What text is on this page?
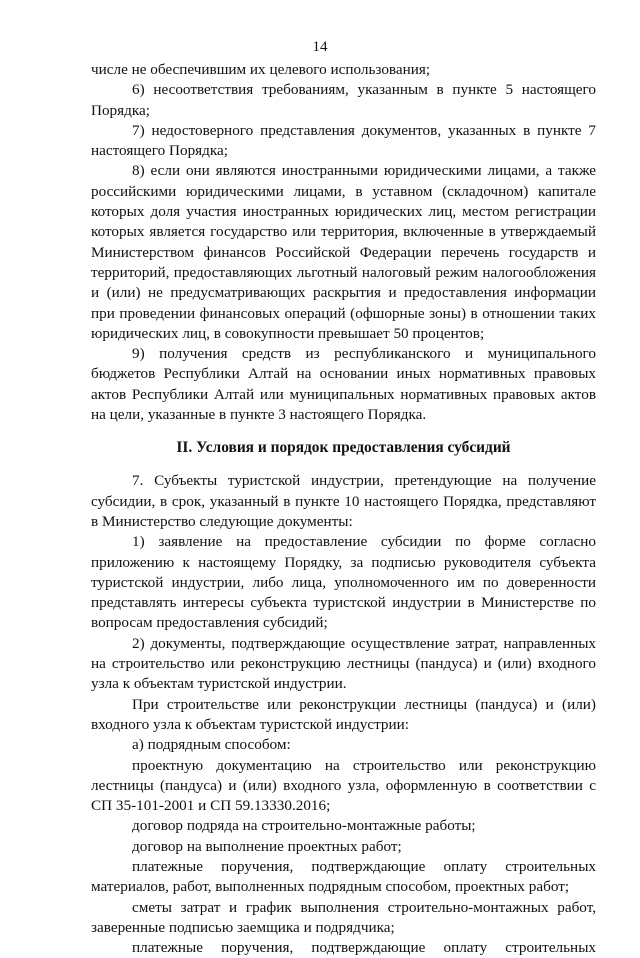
14

числе не обеспечившим их целевого использования;

6) несоответствия требованиям, указанным в пункте 5 настоящего Порядка;

7) недостоверного представления документов, указанных в пункте 7 настоящего Порядка;

8) если они являются иностранными юридическими лицами, а также российскими юридическими лицами, в уставном (складочном) капитале которых доля участия иностранных юридических лиц, местом регистрации которых является государство или территория, включенные в утверждаемый Министерством финансов Российской Федерации перечень государств и территорий, предоставляющих льготный налоговый режим налогообложения и (или) не предусматривающих раскрытия и предоставления информации при проведении финансовых операций (офшорные зоны) в отношении таких юридических лиц, в совокупности превышает 50 процентов;

9) получения средств из республиканского и муниципального бюджетов Республики Алтай на основании иных нормативных правовых актов Республики Алтай или муниципальных нормативных правовых актов на цели, указанные в пункте 3 настоящего Порядка.

II. Условия и порядок предоставления субсидий

7. Субъекты туристской индустрии, претендующие на получение субсидии, в срок, указанный в пункте 10 настоящего Порядка, представляют в Министерство следующие документы:

1) заявление на предоставление субсидии по форме согласно приложению к настоящему Порядку, за подписью руководителя субъекта туристской индустрии, либо лица, уполномоченного им по доверенности представлять интересы субъекта туристской индустрии в Министерстве по вопросам предоставления субсидий;

2) документы, подтверждающие осуществление затрат, направленных на строительство или реконструкцию лестницы (пандуса) и (или) входного узла к объектам туристской индустрии.

При строительстве или реконструкции лестницы (пандуса) и (или) входного узла к объектам туристской индустрии:

а) подрядным способом:

проектную документацию на строительство или реконструкцию лестницы (пандуса) и (или) входного узла, оформленную в соответствии с СП 35-101-2001 и СП 59.13330.2016;

договор подряда на строительно-монтажные работы;

договор на выполнение проектных работ;

платежные поручения, подтверждающие оплату строительных материалов, работ, выполненных подрядным способом, проектных работ;

сметы затрат и график выполнения строительно-монтажных работ, заверенные подписью заемщика и подрядчика;

платежные поручения, подтверждающие оплату строительных
